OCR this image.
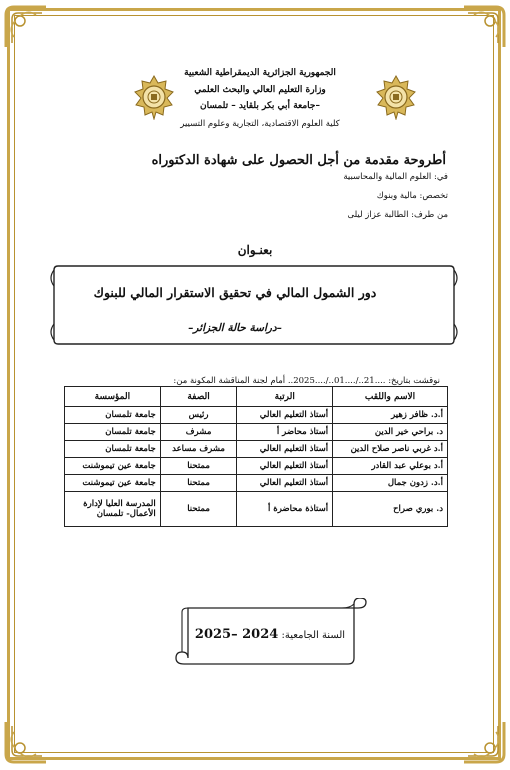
الجمهورية الجزائرية الديمقراطية الشعبية
وزارة التعليم العالي والبحث العلمي
جامعة أبي بكر بلقايد – تلمسان–
كلية العلوم الاقتصادية، التجارية وعلوم التسيير
أطروحة مقدمة من أجل الحصول على شهادة الدكتوراه
في: العلوم المالية والمحاسبية
تخصص: مالية وبنوك
من طرف: الطالبة عزاز ليلى
بعنـوان
دور الشمول المالي في تحقيق الاستقرار المالي للبنوك
–دراسة حالة الجزائر–
نوقشت بتاريخ: ....21../....01../....2025.. أمام لجنة المناقشة المكونة من:
الاسم واللقب	الرتبة	الصفة	المؤسسة
أ.د. ظافر زهير	أستاذ التعليم العالي	رئيس	جامعة تلمسان
د. براحي خير الدين	أستاذ محاضر أ	مشرف	جامعة تلمسان
أ.د غربي ناصر صلاح الدين	أستاذ التعليم العالي	مشرف مساعد	جامعة تلمسان
أ.د بوعلي عبد القادر	أستاذ التعليم العالي	ممتحنا	جامعة عين تيموشنت
أ.د. زدون جمال	أستاذ التعليم العالي	ممتحنا	جامعة عين تيموشنت
د. بوري صراح	أستاذة محاضرة أ	ممتحنا	المدرسة العليا لإدارة الأعمال- تلمسان
السنة الجامعية: 2024 –2025
